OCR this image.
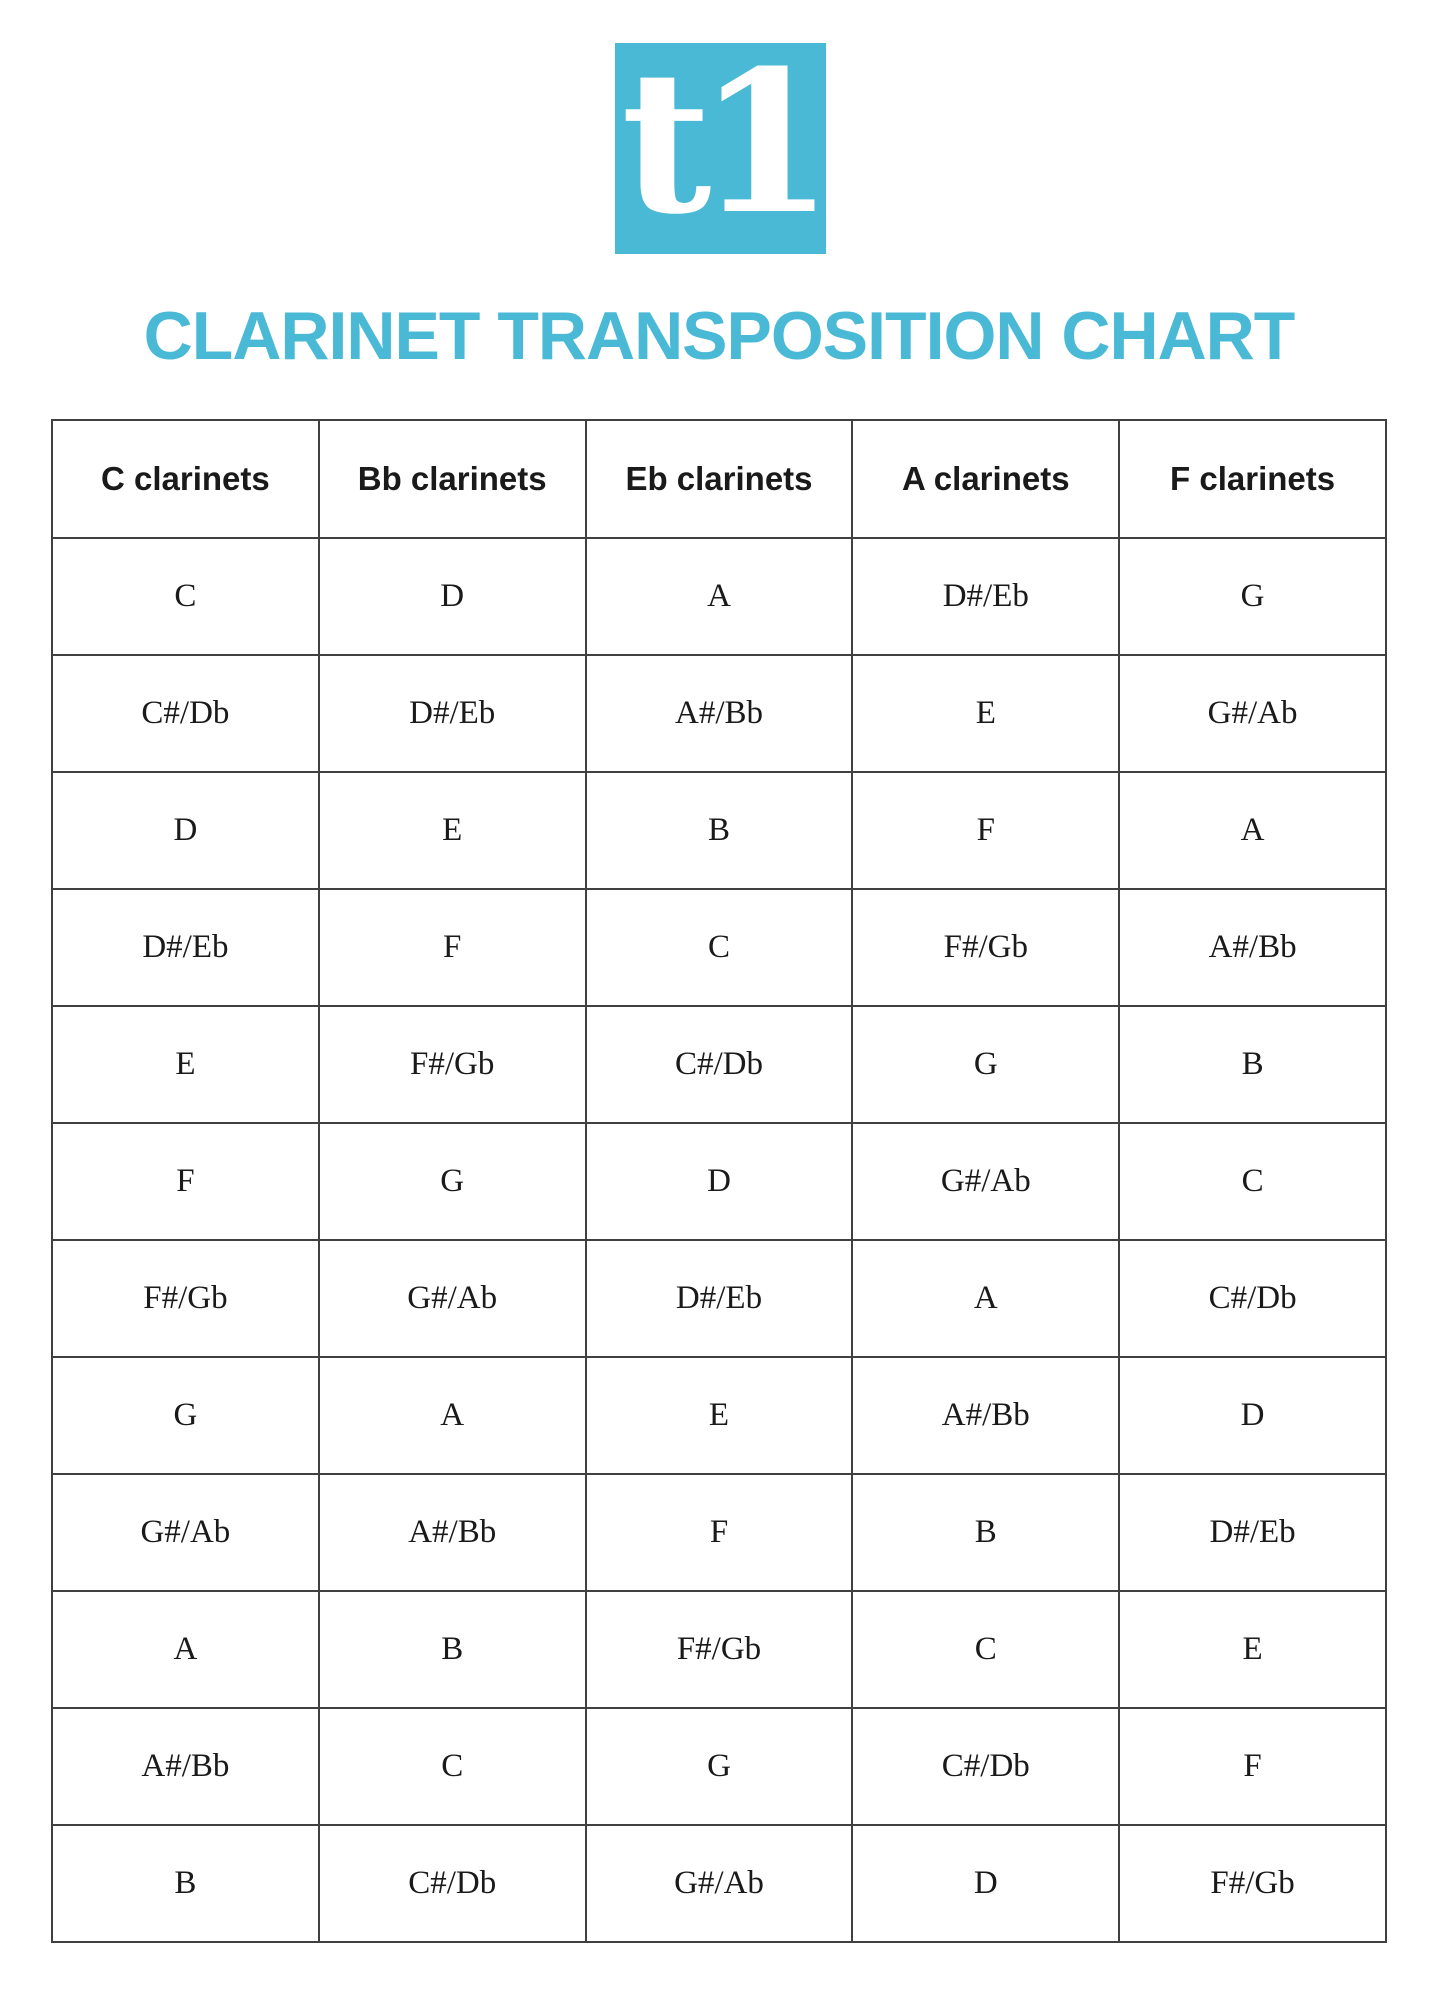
t1
CLARINET TRANSPOSITION CHART
C clarinets	Bb clarinets	Eb clarinets	A clarinets	F clarinets
C	D	A	D#/Eb	G
C#/Db	D#/Eb	A#/Bb	E	G#/Ab
D	E	B	F	A
D#/Eb	F	C	F#/Gb	A#/Bb
E	F#/Gb	C#/Db	G	B
F	G	D	G#/Ab	C
F#/Gb	G#/Ab	D#/Eb	A	C#/Db
G	A	E	A#/Bb	D
G#/Ab	A#/Bb	F	B	D#/Eb
A	B	F#/Gb	C	E
A#/Bb	C	G	C#/Db	F
B	C#/Db	G#/Ab	D	F#/Gb
